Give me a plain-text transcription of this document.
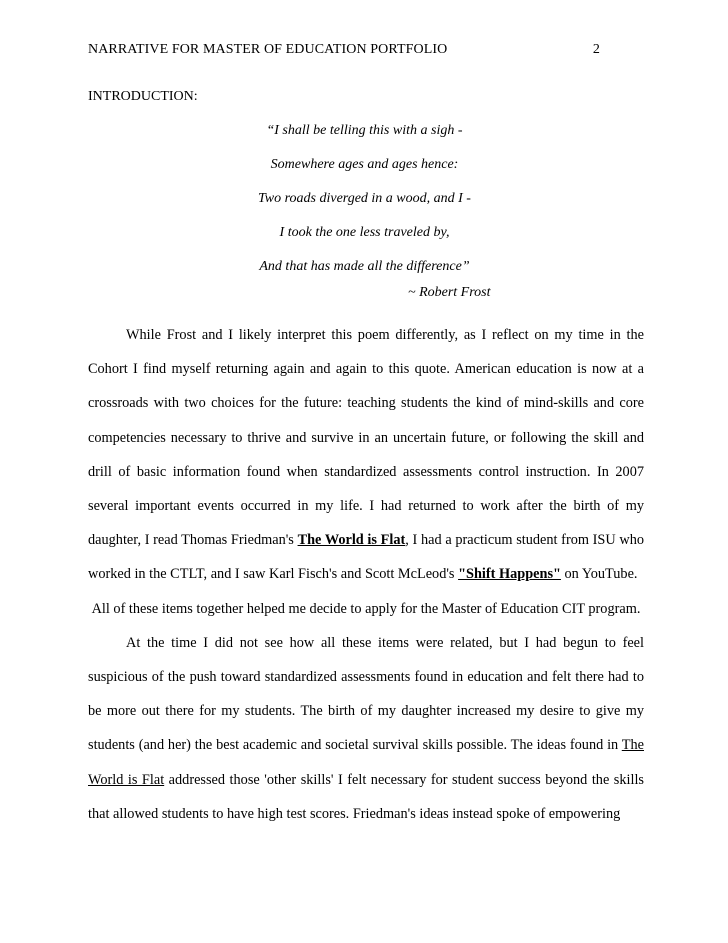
NARRATIVE FOR MASTER OF EDUCATION PORTFOLIO	2
INTRODUCTION:
“I shall be telling this with a sigh -
Somewhere ages and ages hence:
Two roads diverged in a wood, and I -
I took the one less traveled by,
And that has made all the difference”
~ Robert Frost

While Frost and I likely interpret this poem differently, as I reflect on my time in the Cohort I find myself returning again and again to this quote. American education is now at a crossroads with two choices for the future: teaching students the kind of mind-skills and core competencies necessary to thrive and survive in an uncertain future, or following the skill and drill of basic information found when standardized assessments control instruction. In 2007 several important events occurred in my life. I had returned to work after the birth of my daughter, I read Thomas Friedman's The World is Flat, I had a practicum student from ISU who worked in the CTLT, and I saw Karl Fisch's and Scott McLeod's "Shift Happens" on YouTube.

All of these items together helped me decide to apply for the Master of Education CIT program.

At the time I did not see how all these items were related, but I had begun to feel suspicious of the push toward standardized assessments found in education and felt there had to be more out there for my students. The birth of my daughter increased my desire to give my students (and her) the best academic and societal survival skills possible. The ideas found in The World is Flat addressed those 'other skills' I felt necessary for student success beyond the skills that allowed students to have high test scores. Friedman's ideas instead spoke of empowering
